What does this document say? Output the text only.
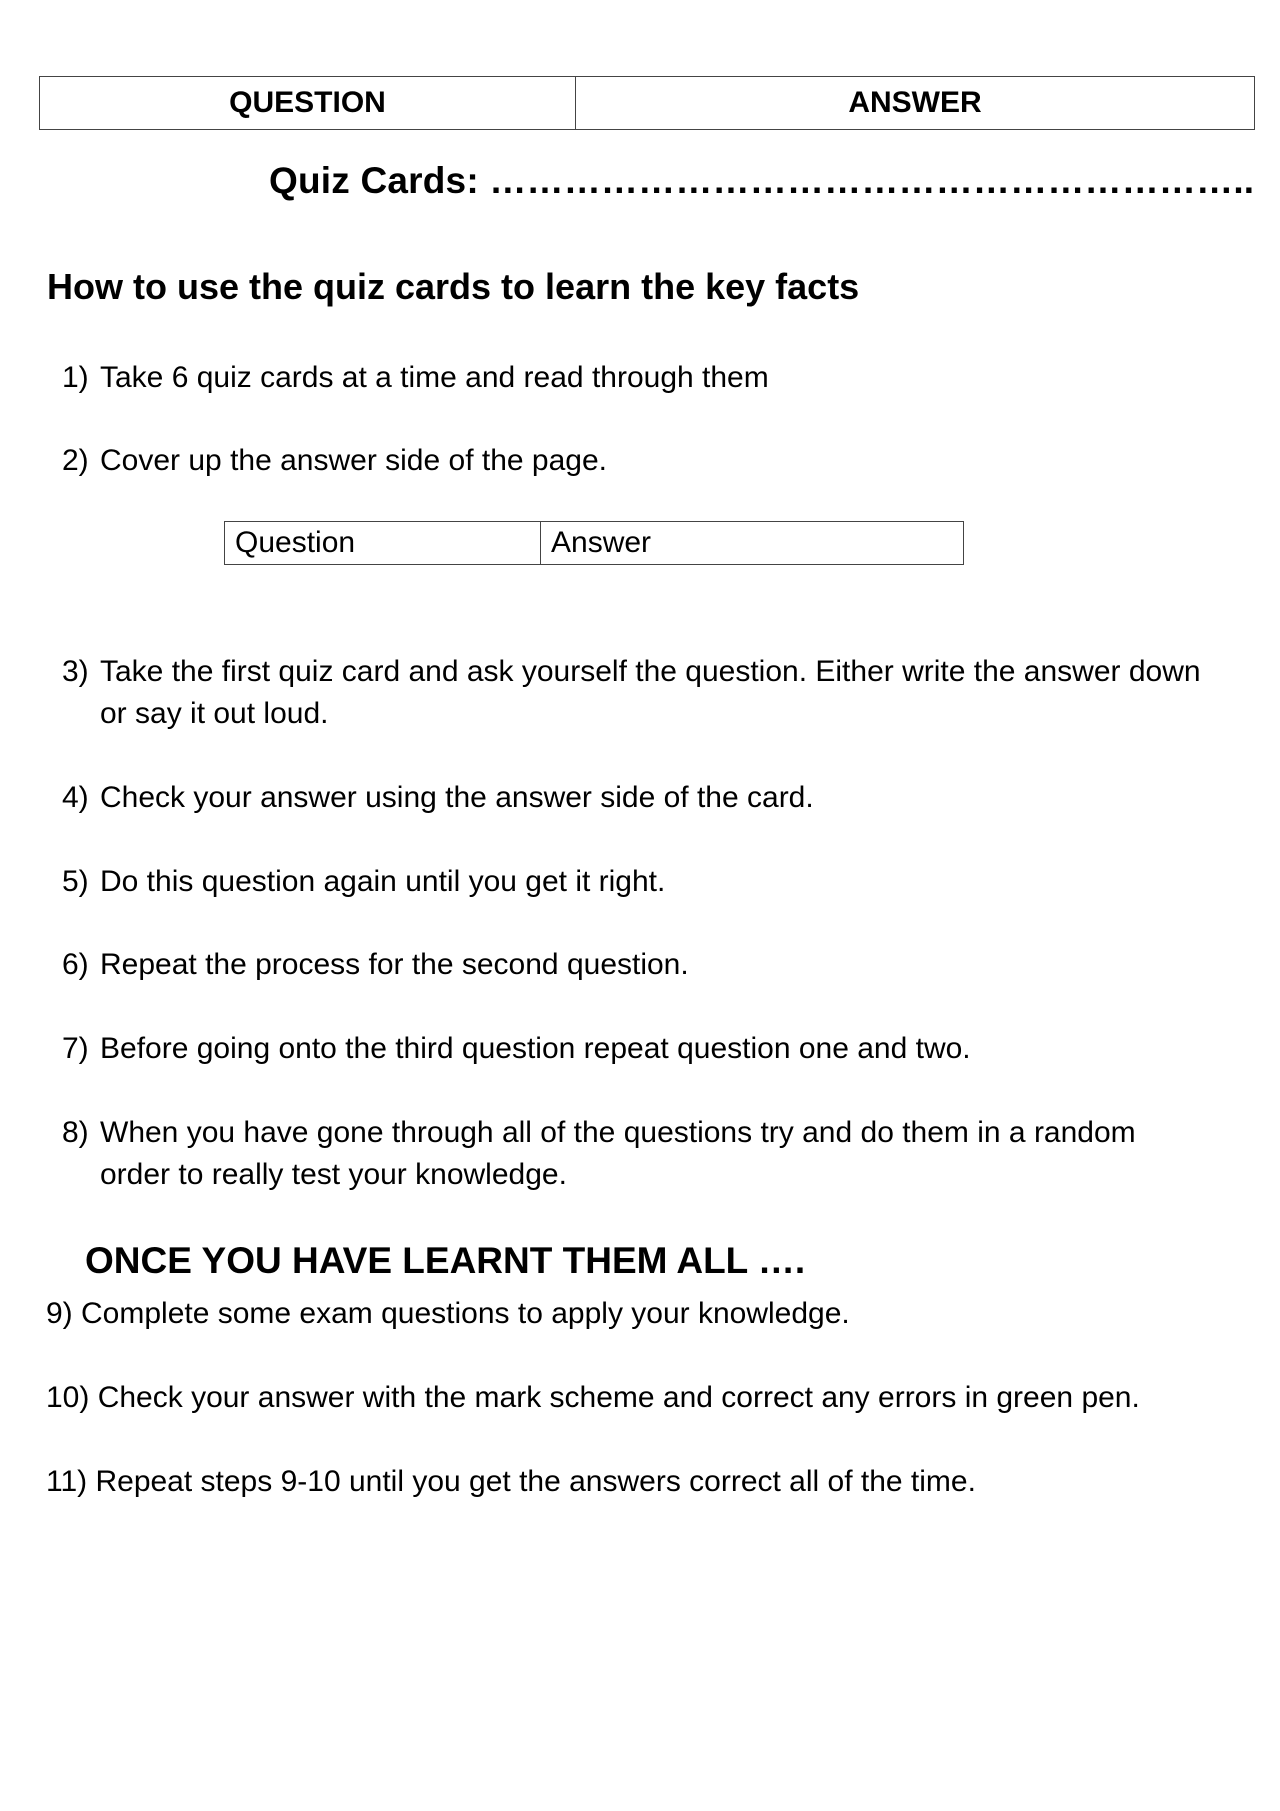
QUESTION	ANSWER
Quiz Cards: ……………………………………………………..
How to use the quiz cards to learn the key facts
1) Take 6 quiz cards at a time and read through them
2) Cover up the answer side of the page.
Question	Answer
3) Take the first quiz card and ask yourself the question. Either write the answer down or say it out loud.
4) Check your answer using the answer side of the card.
5) Do this question again until you get it right.
6) Repeat the process for the second question.
7) Before going onto the third question repeat question one and two.
8) When you have gone through all of the questions try and do them in a random order to really test your knowledge.
ONCE YOU HAVE LEARNT THEM ALL ….
9) Complete some exam questions to apply your knowledge.
10) Check your answer with the mark scheme and correct any errors in green pen.
11) Repeat steps 9-10 until you get the answers correct all of the time.
